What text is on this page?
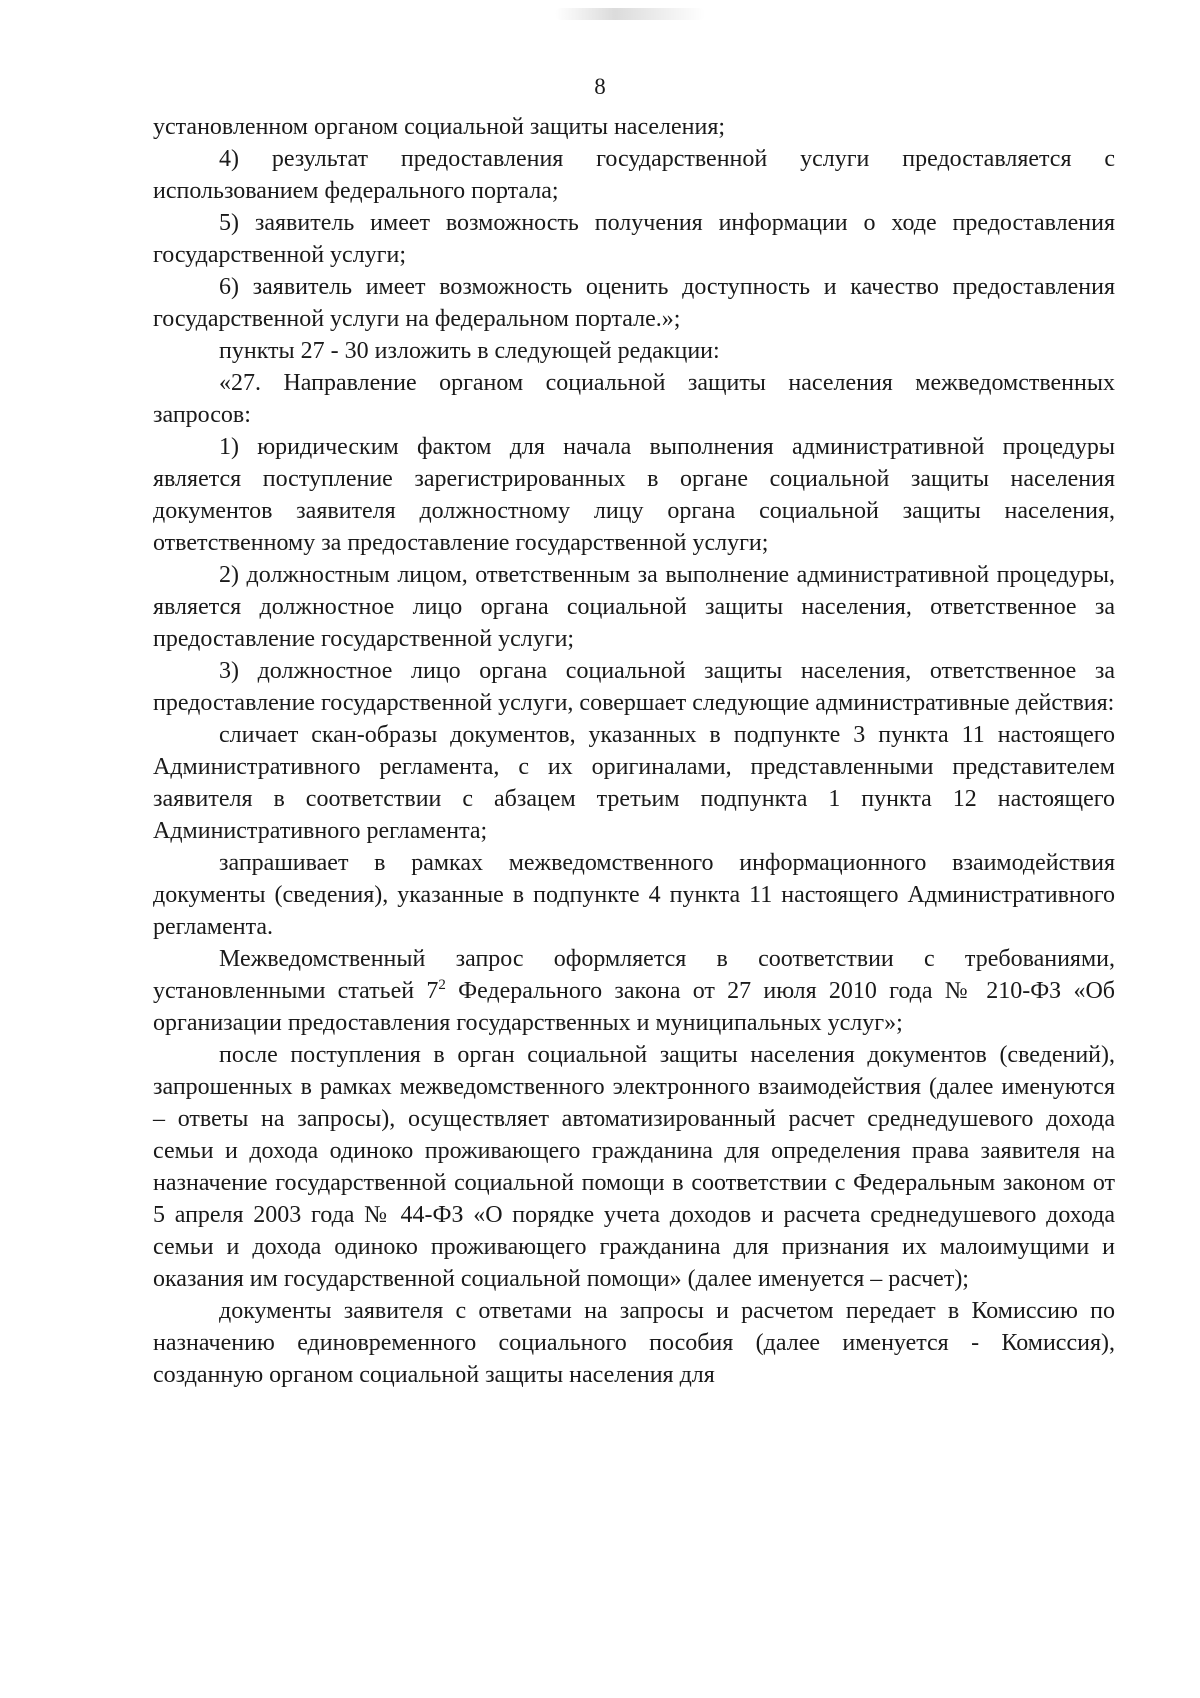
8

установленном органом социальной защиты населения;

4) результат предоставления государственной услуги предоставляется с использованием федерального портала;

5) заявитель имеет возможность получения информации о ходе предоставления государственной услуги;

6) заявитель имеет возможность оценить доступность и качество предоставления государственной услуги на федеральном портале.»;

пункты 27 - 30 изложить в следующей редакции:

«27. Направление органом социальной защиты населения межведомственных запросов:

1) юридическим фактом для начала выполнения административной процедуры является поступление зарегистрированных в органе социальной защиты населения документов заявителя должностному лицу органа социальной защиты населения, ответственному за предоставление государственной услуги;

2) должностным лицом, ответственным за выполнение административной процедуры, является должностное лицо органа социальной защиты населения, ответственное за предоставление государственной услуги;

3) должностное лицо органа социальной защиты населения, ответственное за предоставление государственной услуги, совершает следующие административные действия:

сличает скан-образы документов, указанных в подпункте 3 пункта 11 настоящего Административного регламента, с их оригиналами, представленными представителем заявителя в соответствии с абзацем третьим подпункта 1 пункта 12 настоящего Административного регламента;

запрашивает в рамках межведомственного информационного взаимодействия документы (сведения), указанные в подпункте 4 пункта 11 настоящего Административного регламента.

Межведомственный запрос оформляется в соответствии с требованиями, установленными статьей $7^2$ Федерального закона от 27 июля 2010 года № 210-ФЗ «Об организации предоставления государственных и муниципальных услуг»;

после поступления в орган социальной защиты населения документов (сведений), запрошенных в рамках межведомственного электронного взаимодействия (далее именуются – ответы на запросы), осуществляет автоматизированный расчет среднедушевого дохода семьи и дохода одиноко проживающего гражданина для определения права заявителя на назначение государственной социальной помощи в соответствии с Федеральным законом от 5 апреля 2003 года № 44-ФЗ «О порядке учета доходов и расчета среднедушевого дохода семьи и дохода одиноко проживающего гражданина для признания их малоимущими и оказания им государственной социальной помощи» (далее именуется – расчет);

документы заявителя с ответами на запросы и расчетом передает в Комиссию по назначению единовременного социального пособия (далее именуется - Комиссия), созданную органом социальной защиты населения для
